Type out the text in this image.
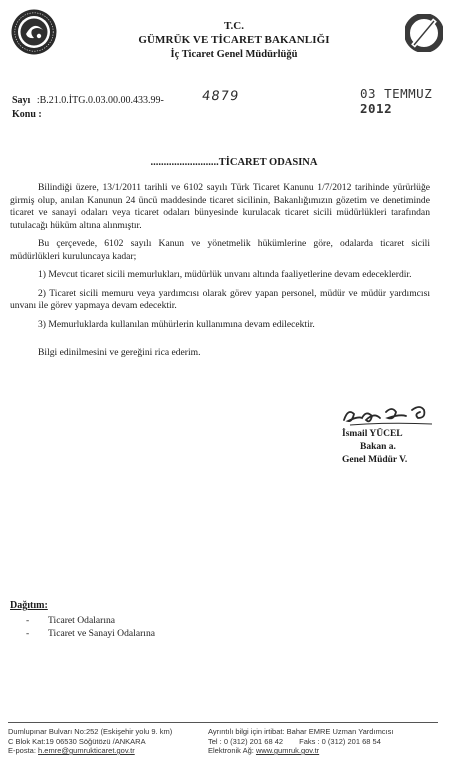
T.C.
GÜMRÜK VE TİCARET BAKANLIĞI
İç Ticaret Genel Müdürlüğü
Sayı :B.21.0.İTG.0.03.00.00.433.99-	4879
Konu :
03 TEMMUZ 2012
..........................TİCARET ODASINA

Bilindiği üzere, 13/1/2011 tarihli ve 6102 sayılı Türk Ticaret Kanunu 1/7/2012 tarihinde yürürlüğe girmiş olup, anılan Kanunun 24 üncü maddesinde ticaret sicilinin, Bakanlığımızın gözetim ve denetiminde ticaret ve sanayi odaları veya ticaret odaları bünyesinde kurulacak ticaret sicili müdürlükleri tarafından tutulacağı hüküm altına alınmıştır.

Bu çerçevede, 6102 sayılı Kanun ve yönetmelik hükümlerine göre, odalarda ticaret sicili müdürlükleri kuruluncaya kadar;

1) Mevcut ticaret sicili memurlukları, müdürlük unvanı altında faaliyetlerine devam edeceklerdir.

2) Ticaret sicili memuru veya yardımcısı olarak görev yapan personel, müdür ve müdür yardımcısı unvanı ile görev yapmaya devam edecektir.

3) Memurluklarda kullanılan mühürlerin kullanımına devam edilecektir.

Bilgi edinilmesini ve gereğini rica ederim.

İsmail YÜCEL
Bakan a.
Genel Müdür V.
Dağıtım:
- Ticaret Odalarına
- Ticaret ve Sanayi Odalarına
Dumlupınar Bulvarı No:252 (Eskişehir yolu 9. km)
C Blok Kat:19 06530 Söğütözü /ANKARA
E-posta: h.emre@gumrukticaret.gov.tr
Ayrıntılı bilgi için irtibat: Bahar EMRE Uzman Yardımcısı
Tel : 0 (312) 201 68 42 Faks : 0 (312) 201 68 54
Elektronik Ağ: www.gumruk.gov.tr
